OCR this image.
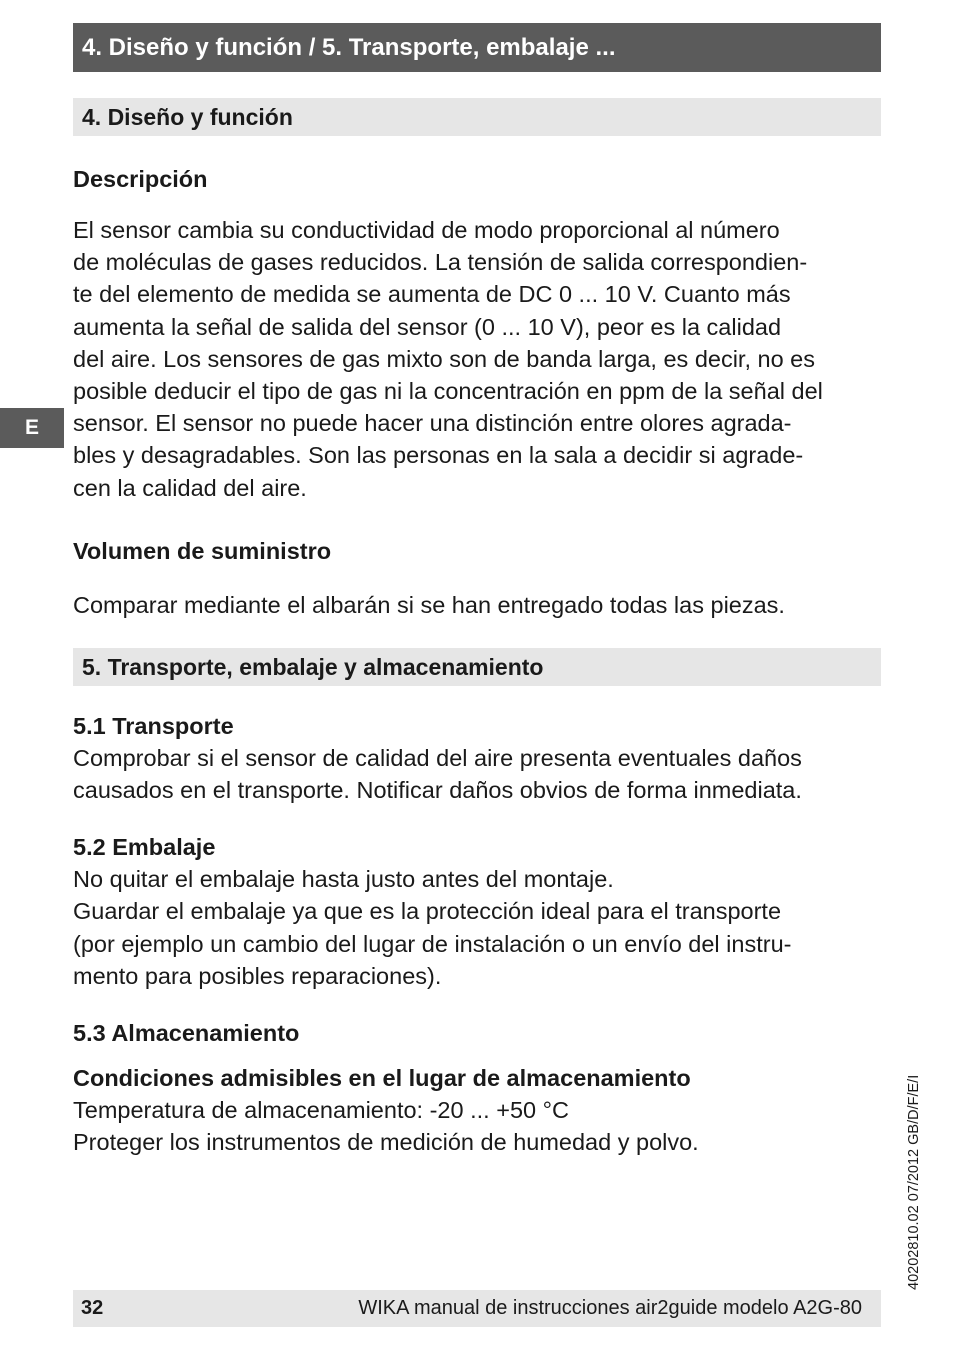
4. Diseño y función / 5. Transporte, embalaje ...
E
4. Diseño y función
Descripción
El sensor cambia su conductividad de modo proporcional al número
de moléculas de gases reducidos. La tensión de salida correspondien-
te del elemento de medida se aumenta de DC 0 ... 10 V. Cuanto más
aumenta la señal de salida del sensor (0 ... 10 V), peor es la calidad
del aire. Los sensores de gas mixto son de banda larga, es decir, no es
posible deducir el tipo de gas ni la concentración en ppm de la señal del
sensor. El sensor no puede hacer una distinción entre olores agrada-
bles y desagradables. Son las personas en la sala a decidir si agrade-
cen la calidad del aire.
Volumen de suministro
Comparar mediante el albarán si se han entregado todas las piezas.
5. Transporte, embalaje y almacenamiento
5.1 Transporte
Comprobar si el sensor de calidad del aire presenta eventuales daños
causados en el transporte. Notificar daños obvios de forma inmediata.
5.2 Embalaje
No quitar el embalaje hasta justo antes del montaje.
Guardar el embalaje ya que es la protección ideal para el transporte
(por ejemplo un cambio del lugar de instalación o un envío del instru-
mento para posibles reparaciones).
5.3 Almacenamiento
Condiciones admisibles en el lugar de almacenamiento
Temperatura de almacenamiento: -20 ... +50 °C
Proteger los instrumentos de medición de humedad y polvo.	40202810.02 07/2012 GB/D/F/E/I
32	WIKA manual de instrucciones air2guide modelo A2G-80
